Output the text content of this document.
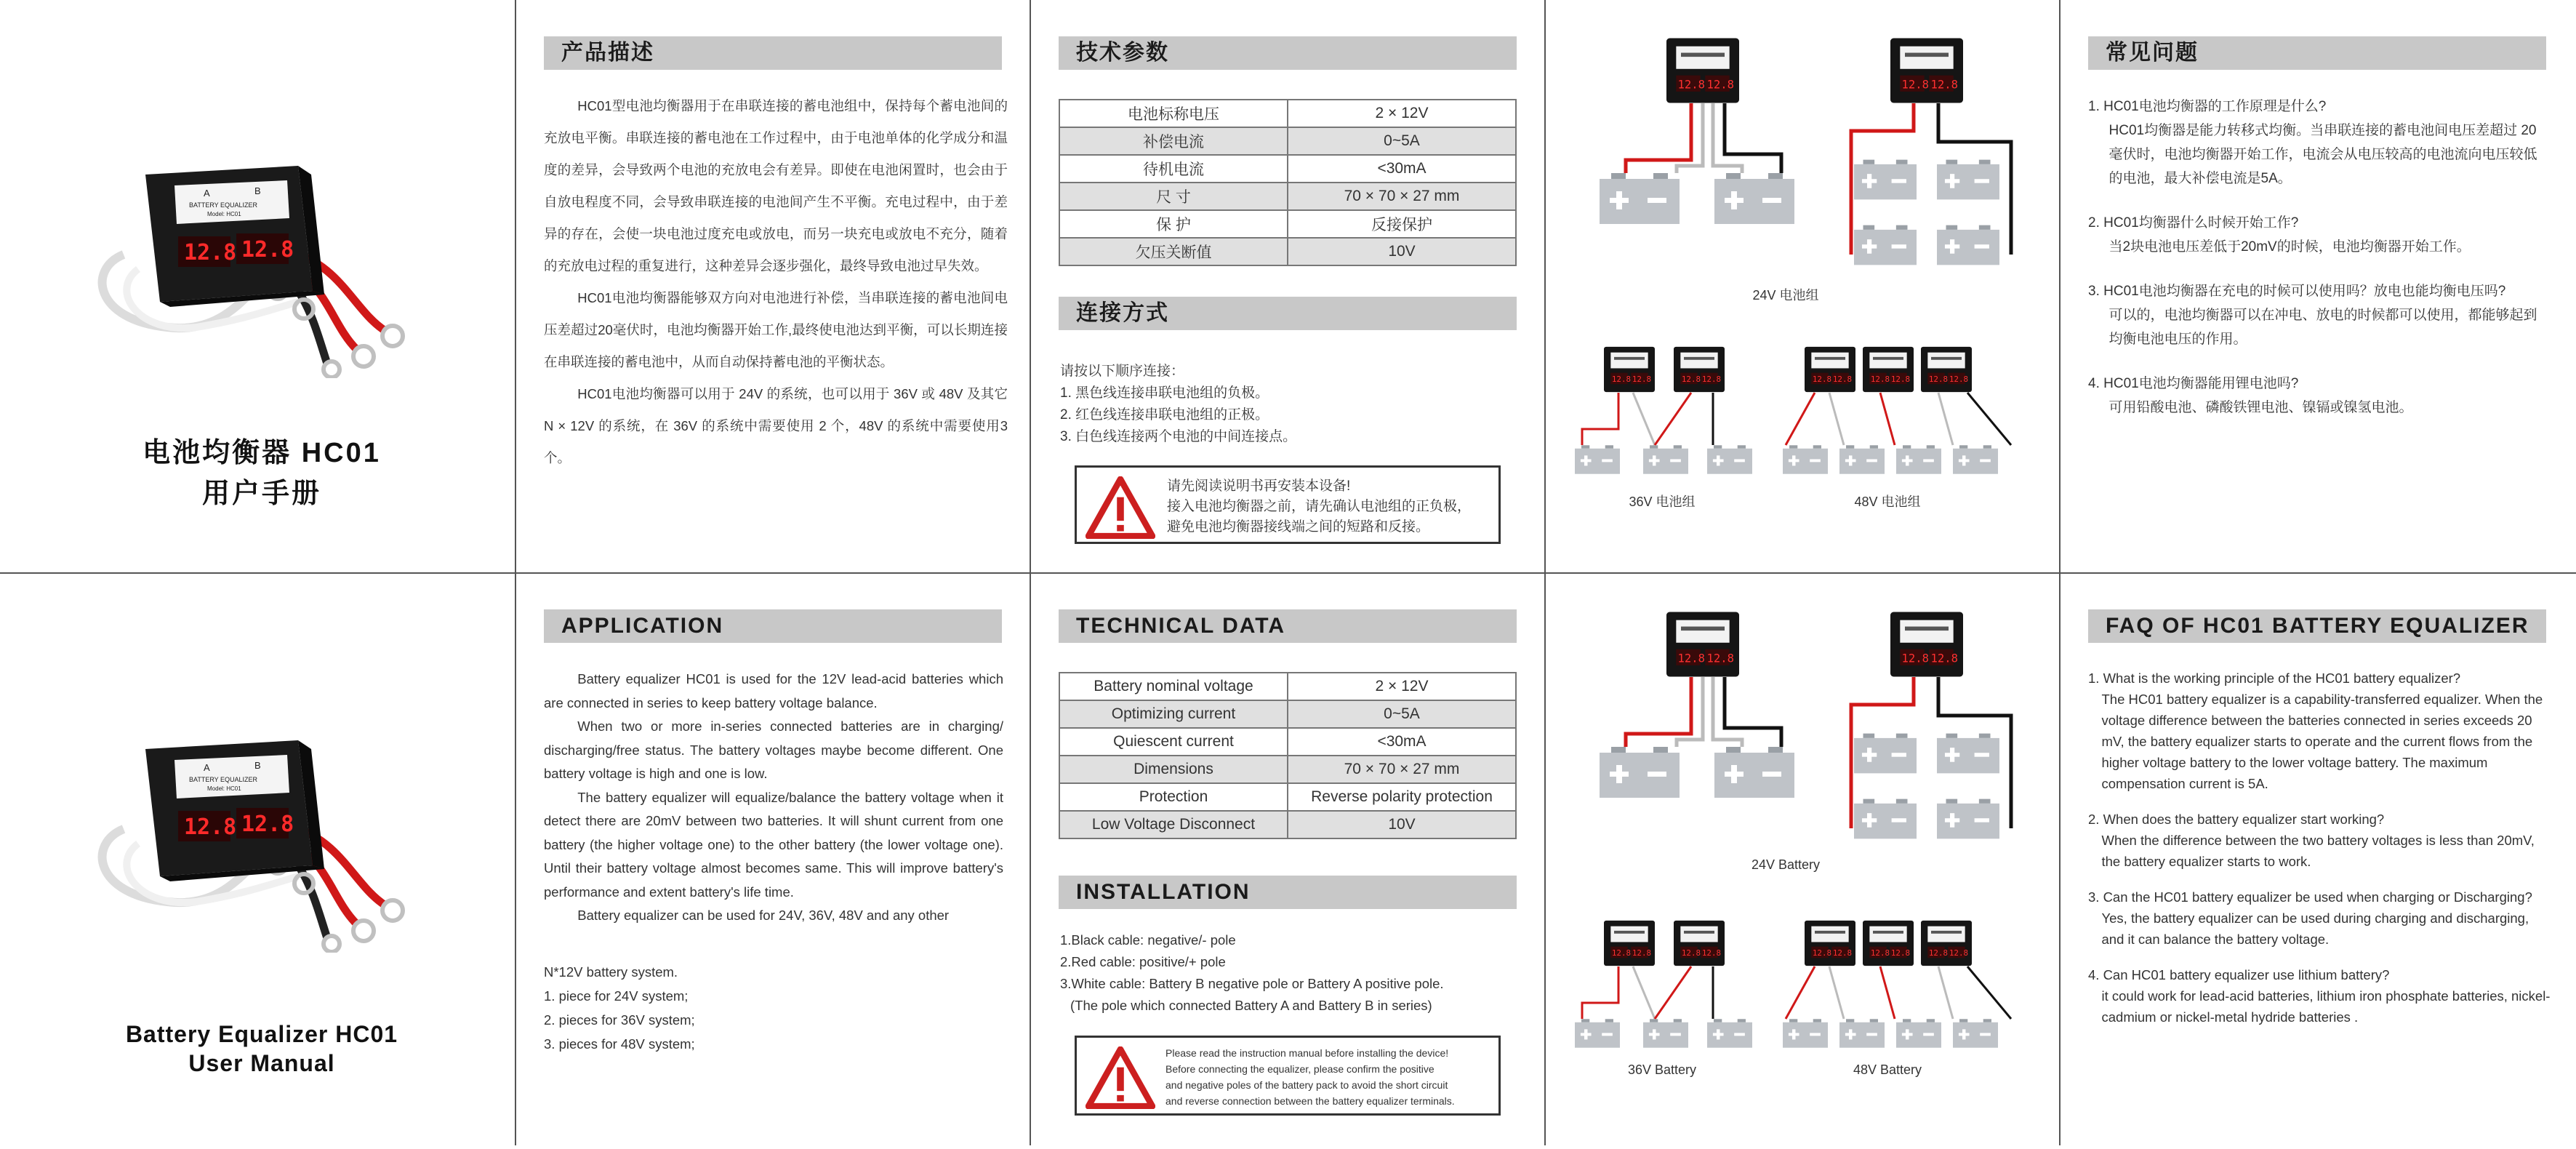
电池均衡器 HC01
用户手册
产品描述
HC01型电池均衡器用于在串联连接的蓄电池组中，保持每个蓄电池间的充放电平衡。串联连接的蓄电池在工作过程中，由于电池单体的化学成分和温度的差异，会导致两个电池的充放电会有差异。即使在电池闲置时，也会由于自放电程度不同，会导致串联连接的电池间产生不平衡。充电过程中，由于差异的存在，会使一块电池过度充电或放电，而另一块充电或放电不充分，随着的充放电过程的重复进行，这种差异会逐步强化，最终导致电池过早失效。
HC01电池均衡器能够双方向对电池进行补偿，当串联连接的蓄电池间电压差超过20毫伏时，电池均衡器开始工作,最终使电池达到平衡，可以长期连接在串联连接的蓄电池中，从而自动保持蓄电池的平衡状态。
HC01电池均衡器可以用于 24V 的系统，也可以用于 36V 或 48V 及其它 N × 12V 的系统，在 36V 的系统中需要使用 2 个，48V 的系统中需要使用3个。
技术参数
电池标称电压	2 × 12V
补偿电流	0~5A
待机电流	<30mA
尺 寸	70 × 70 × 27 mm
保 护	反接保护
欠压关断值	10V
连接方式
请按以下顺序连接：
1. 黑色线连接串联电池组的负极。
2. 红色线连接串联电池组的正极。
3. 白色线连接两个电池的中间连接点。
请先阅读说明书再安装本设备!
接入电池均衡器之前，请先确认电池组的正负极，
避免电池均衡器接线端之间的短路和反接。
24V 电池组
36V 电池组	48V 电池组
常见问题
1. HC01电池均衡器的工作原理是什么?
HC01均衡器是能力转移式均衡。当串联连接的蓄电池间电压差超过 20 毫伏时，电池均衡器开始工作，电流会从电压较高的电池流向电压较低的电池，最大补偿电流是5A。
2. HC01均衡器什么时候开始工作?
当2块电池电压差低于20mV的时候，电池均衡器开始工作。
3. HC01电池均衡器在充电的时候可以使用吗？放电也能均衡电压吗?
可以的，电池均衡器可以在冲电、放电的时候都可以使用，都能够起到均衡电池电压的作用。
4. HC01电池均衡器能用锂电池吗?
可用铅酸电池、磷酸铁锂电池、镍镉或镍氢电池。
Battery Equalizer HC01
User Manual
APPLICATION
Battery equalizer HC01 is used for the 12V lead-acid batteries which are connected in series to keep battery voltage balance.
When two or more in-series connected batteries are in charging/ discharging/free status. The battery voltages maybe become different. One battery voltage is high and one is low.
The battery equalizer will equalize/balance the battery voltage when it detect there are 20mV between two batteries. It will shunt current from one battery (the higher voltage one) to the other battery (the lower voltage one). Until their battery voltage almost becomes same. This will improve battery's performance and extent battery's life time.
Battery equalizer can be used for 24V, 36V, 48V and any other
N*12V battery system.
1. piece for 24V system;
2. pieces for 36V system;
3. pieces for 48V system;
TECHNICAL DATA
Battery nominal voltage	2 × 12V
Optimizing current	0~5A
Quiescent current	<30mA
Dimensions	70 × 70 × 27 mm
Protection	Reverse polarity protection
Low Voltage Disconnect	10V
INSTALLATION
1.Black cable: negative/- pole
2.Red cable: positive/+ pole
3.White cable: Battery B negative pole or Battery A positive pole.
(The pole which connected Battery A and Battery B in series)
Please read the instruction manual before installing the device!
Before connecting the equalizer, please confirm the positive
and negative poles of the battery pack to avoid the short circuit
and reverse connection between the battery equalizer terminals.
24V Battery
36V Battery	48V Battery
FAQ OF HC01 BATTERY EQUALIZER
1. What is the working principle of the HC01 battery equalizer?
The HC01 battery equalizer is a capability-transferred equalizer. When the voltage difference between the batteries connected in series exceeds 20 mV, the battery equalizer starts to operate and the current flows from the higher voltage battery to the lower voltage battery. The maximum compensation current is 5A.
2. When does the battery equalizer start working?
When the difference between the two battery voltages is less than 20mV, the battery equalizer starts to work.
3. Can the HC01 battery equalizer be used when charging or Discharging?
Yes, the battery equalizer can be used during charging and discharging, and it can balance the battery voltage.
4. Can HC01 battery equalizer use lithium battery?
it could work for lead-acid batteries, lithium iron phosphate batteries, nickel-cadmium or nickel-metal hydride batteries .
